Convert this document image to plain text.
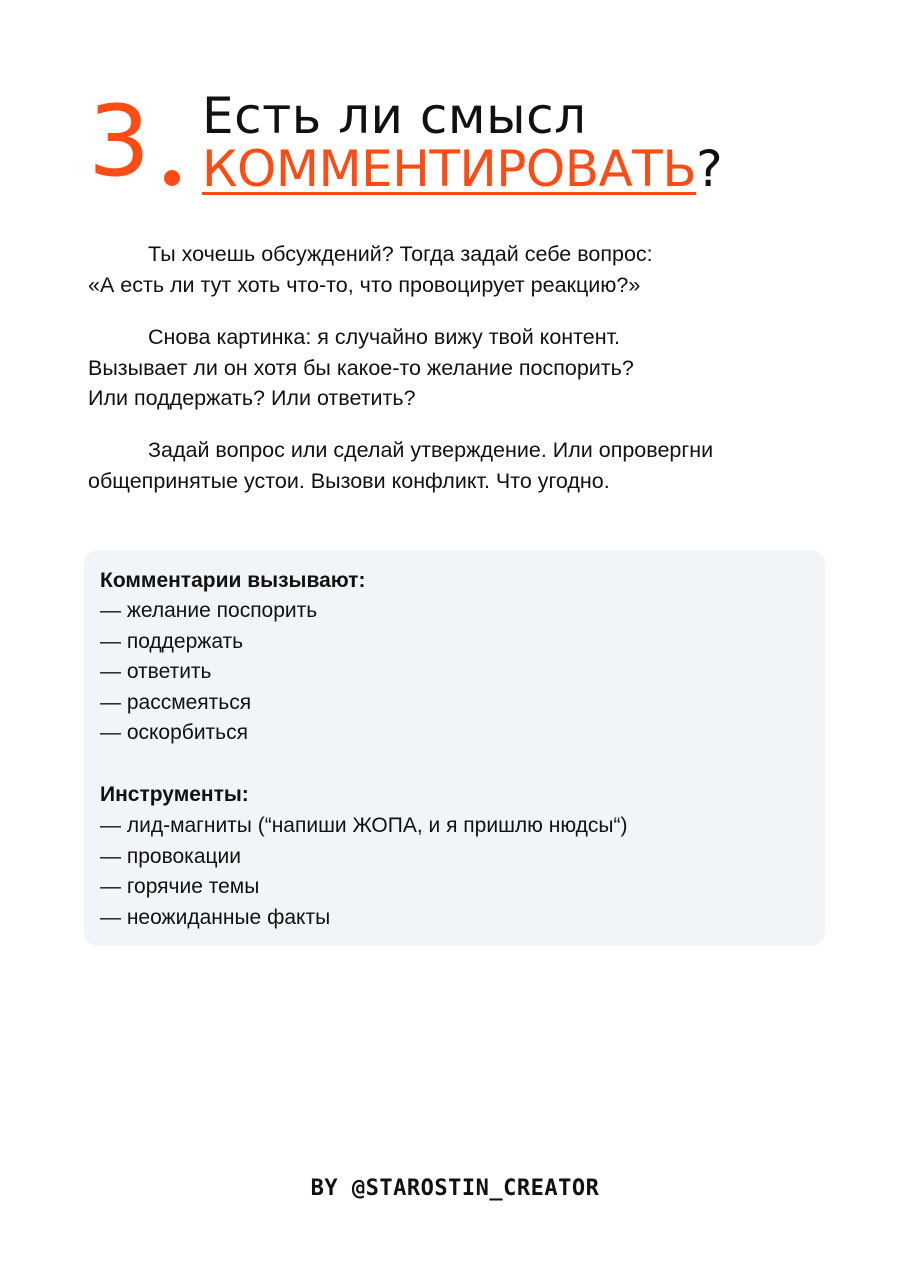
3 Есть ли смысл
КОММЕНТИРОВАТЬ?

Ты хочешь обсуждений? Тогда задай себе вопрос:
«А есть ли тут хоть что-то, что провоцирует реакцию?»

Снова картинка: я случайно вижу твой контент.
Вызывает ли он хотя бы какое-то желание поспорить?
Или поддержать? Или ответить?

Задай вопрос или сделай утверждение. Или опровергни
общепринятые устои. Вызови конфликт. Что угодно.

Комментарии вызывают:
— желание поспорить
— поддержать
— ответить
— рассмеяться
— оскорбиться
Инструменты:
— лид-магниты (“напиши ЖОПА, и я пришлю нюдсы“)
— провокации
— горячие темы
— неожиданные факты
BY @STAROSTIN_CREATOR
